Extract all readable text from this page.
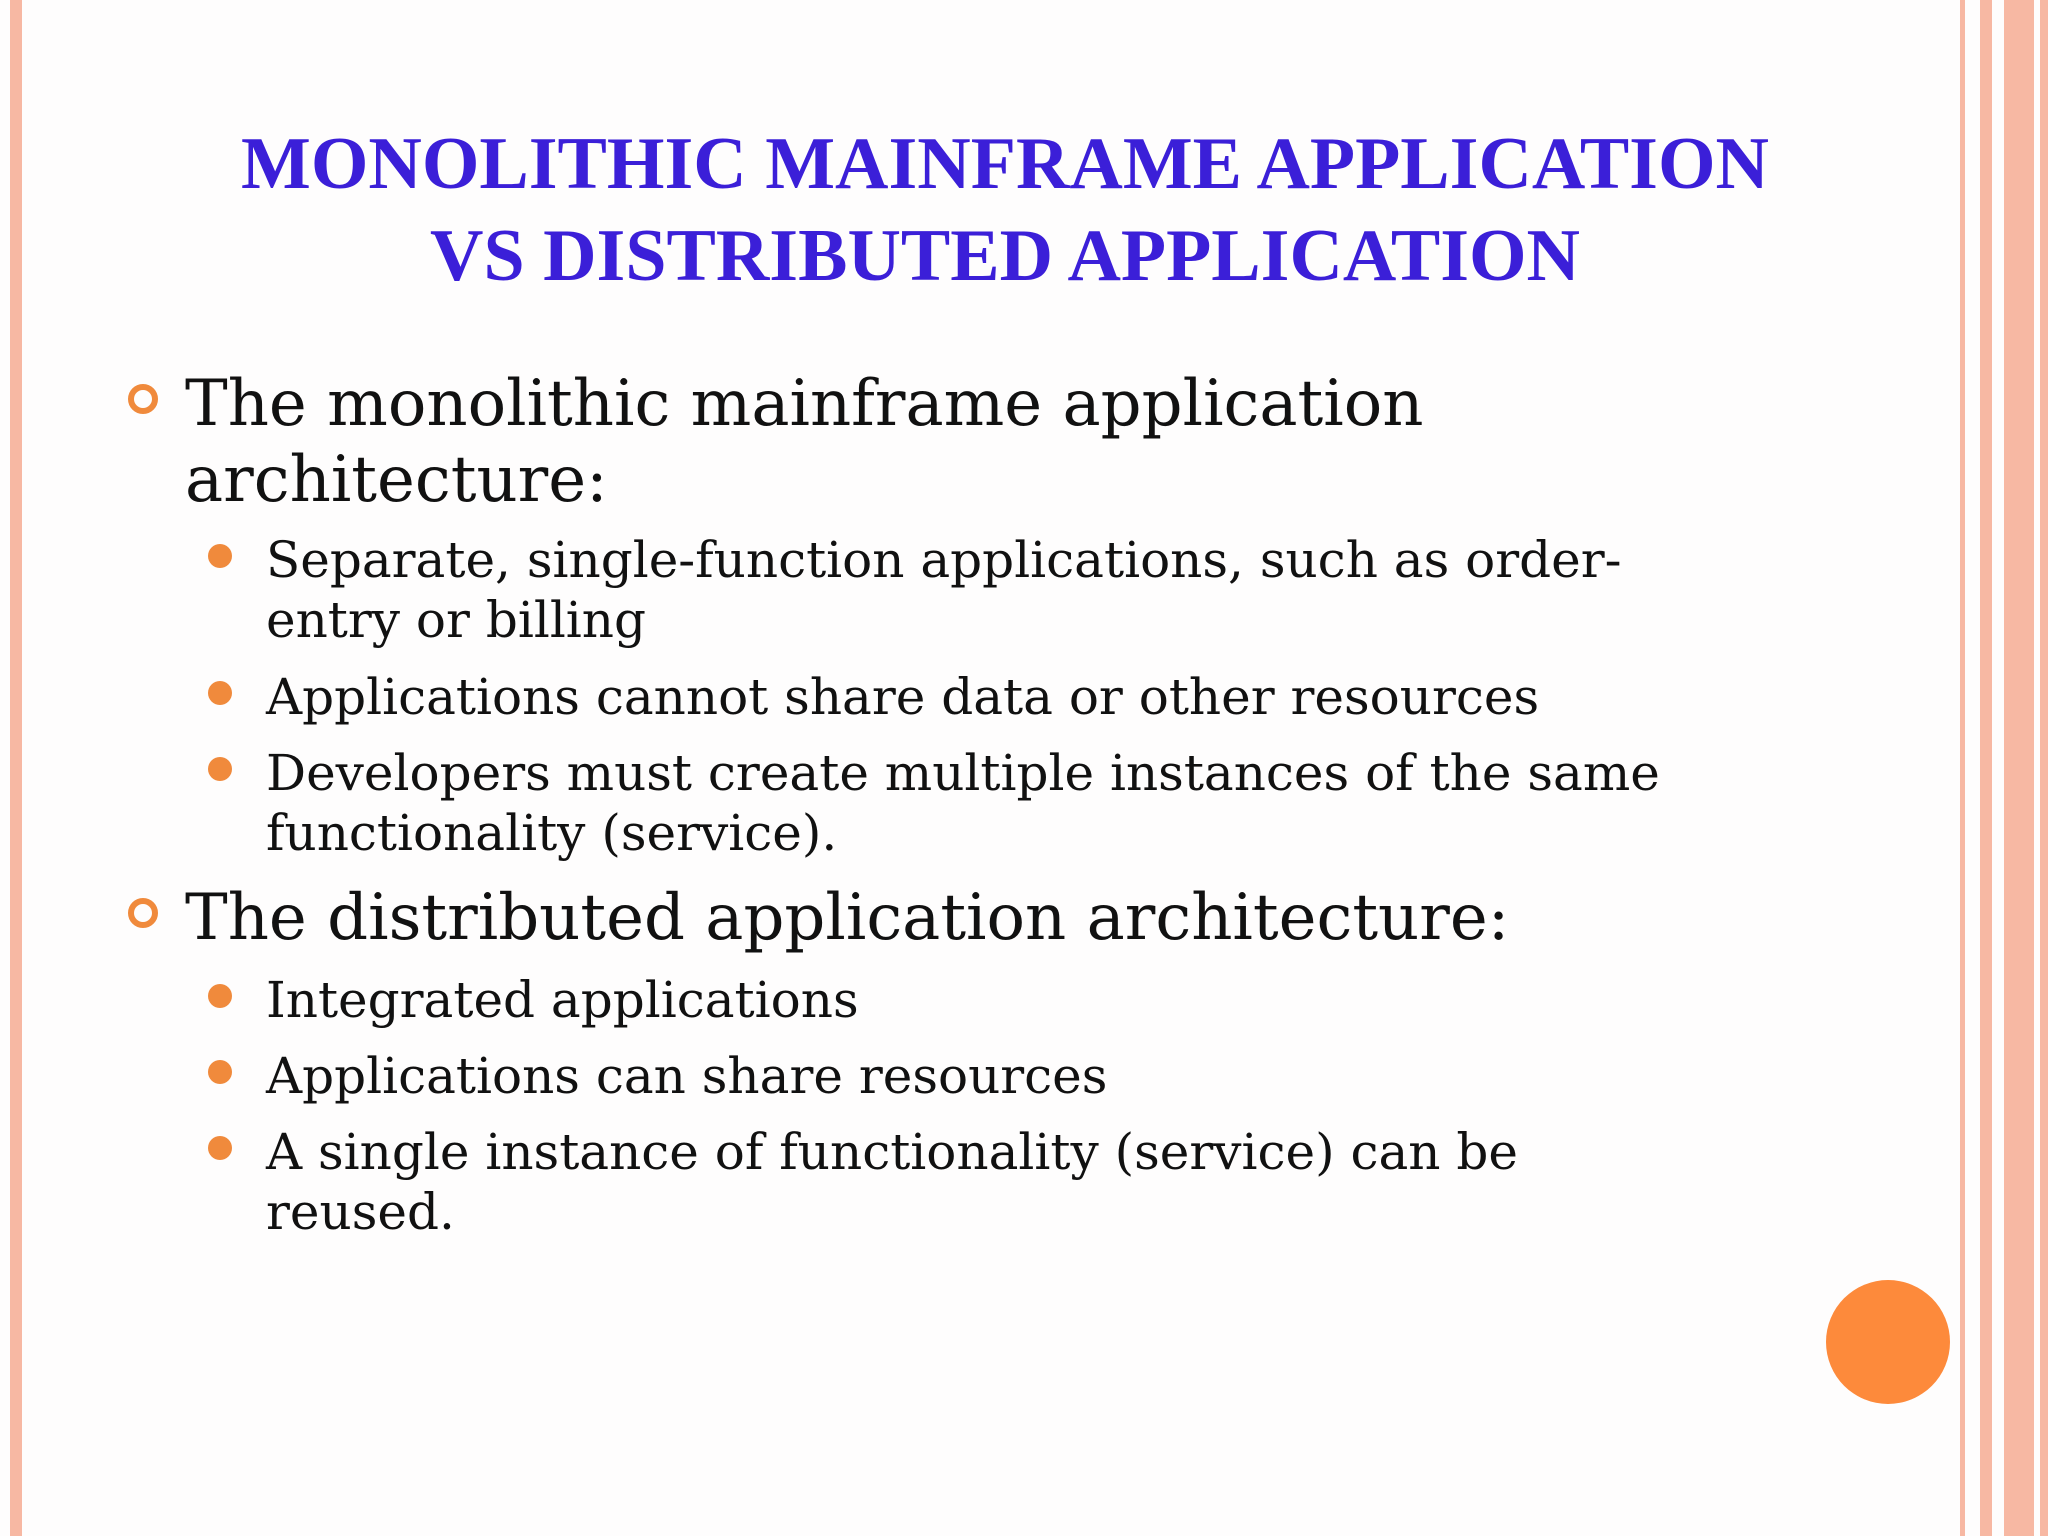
MONOLITHIC MAINFRAME APPLICATION
VS DISTRIBUTED APPLICATION
The monolithic mainframe application
architecture:
Separate, single-function applications, such as order-
entry or billing
Applications cannot share data or other resources
Developers must create multiple instances of the same
functionality (service).
The distributed application architecture:
Integrated applications
Applications can share resources
A single instance of functionality (service) can be
reused.
